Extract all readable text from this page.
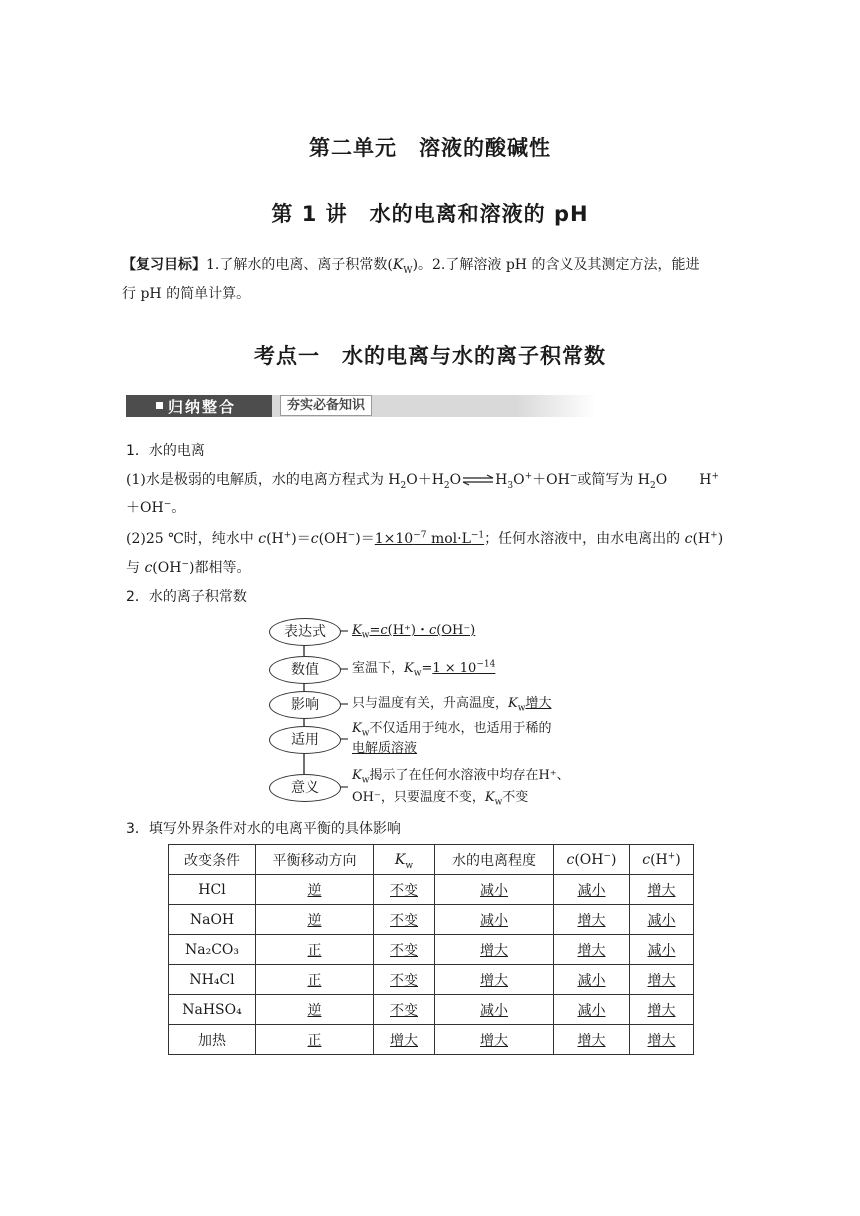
第二单元　溶液的酸碱性
第 1 讲　水的电离和溶液的 pH
【复习目标】1.了解水的电离、离子积常数$(K_W)$。2.了解溶液 pH 的含义及其测定方法，能进
行 pH 的简单计算。
考点一　水的电离与水的离子积常数
归纳整合	夯实必备知识
1．水的电离
(1)水是极弱的电解质，水的电离方程式为 $H_2O+H_2O\rightleftharpoons H_3O^++OH^-$或简写为 $H_2O$ H+
＋OH−。
(2)25 ℃时，纯水中 $c(H^+)=c(OH^-)=1\times 10^{-7}$ $mol\cdot L^{-1}$；任何水溶液中，由水电离出的 c(H+)
与 c(OH−)都相等。
2．水的离子积常数
表达式
数值
影响
适用
意义
$K_w=c(H^+)$・c(OH⁻)
室温下，$K_w=1 \times 10^{-14}$
只与温度有关，升高温度，$K_w$增大
$K_w$不仅适用于纯水，也适用于稀的
电解质溶液
$K_w$揭示了在任何水溶液中均存在H⁺、
OH⁻，只要温度不变，$K_w$不变
3．填写外界条件对水的电离平衡的具体影响
改变条件	平衡移动方向	$K_w$	水的电离程度	c(OH−)	c(H+)
HCl	逆	不变	减小	减小	增大
NaOH	逆	不变	减小	增大	减小
Na₂CO₃	正	不变	增大	增大	减小
NH₄Cl	正	不变	增大	减小	增大
NaHSO₄	逆	不变	减小	减小	增大
加热	正	增大	增大	增大	增大
